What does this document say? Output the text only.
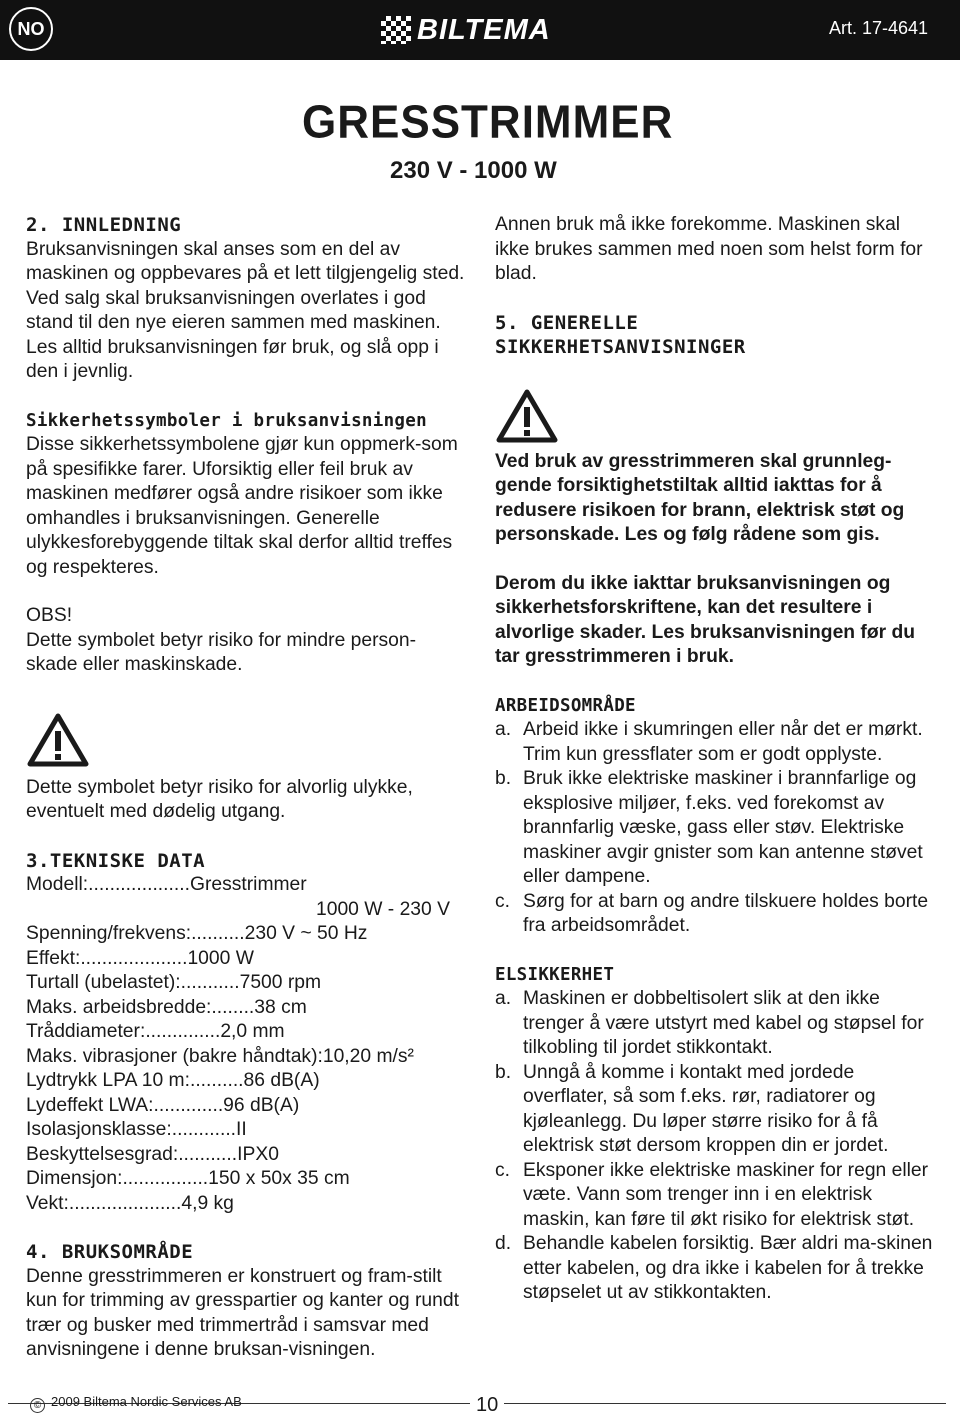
NO	BILTEMA	Art. 17-4641
GRESSTRIMMER
230 V - 1000 W

2. INNLEDNING

Bruksanvisningen skal anses som en del av maskinen og oppbevares på et lett tilgjengelig sted. Ved salg skal bruksanvisningen overlates i god stand til den nye eieren sammen med maskinen. Les alltid bruksanvisningen før bruk, og slå opp i den i jevnlig.

Sikkerhetssymboler i bruksanvisningen

Disse sikkerhetssymbolene gjør kun oppmerk-som på spesifikke farer. Uforsiktig eller feil bruk av maskinen medfører også andre risikoer som ikke omhandles i bruksanvisningen. Generelle ulykkesforebyggende tiltak skal derfor alltid treffes og respekteres.

OBS!

Dette symbolet betyr risiko for mindre person-skade eller maskinskade.

Dette symbolet betyr risiko for alvorlig ulykke, eventuelt med dødelig utgang.

3.TEKNISKE DATA

Modell: ................... Gresstrimmer
1000 W - 230 V
Spenning/frekvens: .......... 230 V ~ 50 Hz
Effekt: .................... 1000 W
Turtall (ubelastet): ........... 7500 rpm
Maks. arbeidsbredde: ........ 38 cm
Tråddiameter: .............. 2,0 mm
Maks. vibrasjoner (bakre håndtak): 10,20 m/s²
Lydtrykk LPA 10 m: .......... 86 dB(A)
Lydeffekt LWA: ............. 96 dB(A)
Isolasjonsklasse: ............ II
Beskyttelsesgrad: ........... IPX0
Dimensjon: ................ 150 x 50x 35 cm
Vekt: ..................... 4,9 kg

4. BRUKSOMRÅDE

Denne gresstrimmeren er konstruert og fram-stilt kun for trimming av gresspartier og kanter og rundt trær og busker med trimmertråd i samsvar med anvisningene i denne bruksan-visningen.

Annen bruk må ikke forekomme. Maskinen skal ikke brukes sammen med noen som helst form for blad.

5. GENERELLE

SIKKERHETSANVISNINGER

Ved bruk av gresstrimmeren skal grunnleg-gende forsiktighetstiltak alltid iakttas for å redusere risikoen for brann, elektrisk støt og personskade. Les og følg rådene som gis.

Derom du ikke iakttar bruksanvisningen og sikkerhetsforskriftene, kan det resultere i alvorlige skader. Les bruksanvisningen før du tar gresstrimmeren i bruk.

ARBEIDSOMRÅDE

a. Arbeid ikke i skumringen eller når det er mørkt. Trim kun gressflater som er godt opplyste.
b. Bruk ikke elektriske maskiner i brannfarlige og eksplosive miljøer, f.eks. ved forekomst av brannfarlig væske, gass eller støv. Elektriske maskiner avgir gnister som kan antenne støvet eller dampene.
c. Sørg for at barn og andre tilskuere holdes borte fra arbeidsområdet.

ELSIKKERHET

a. Maskinen er dobbeltisolert slik at den ikke trenger å være utstyrt med kabel og støpsel for tilkobling til jordet stikkontakt.
b. Unngå å komme i kontakt med jordede overflater, så som f.eks. rør, radiatorer og kjøleanlegg. Du løper større risiko for å få elektrisk støt dersom kroppen din er jordet.
c. Eksponer ikke elektriske maskiner for regn eller væte. Vann som trenger inn i en elektrisk maskin, kan føre til økt risiko for elektrisk støt.
d. Behandle kabelen forsiktig. Bær aldri ma-skinen etter kabelen, og dra ikke i kabelen for å trekke støpselet ut av stikkontakten.
© 2009 Biltema Nordic Services AB	10
